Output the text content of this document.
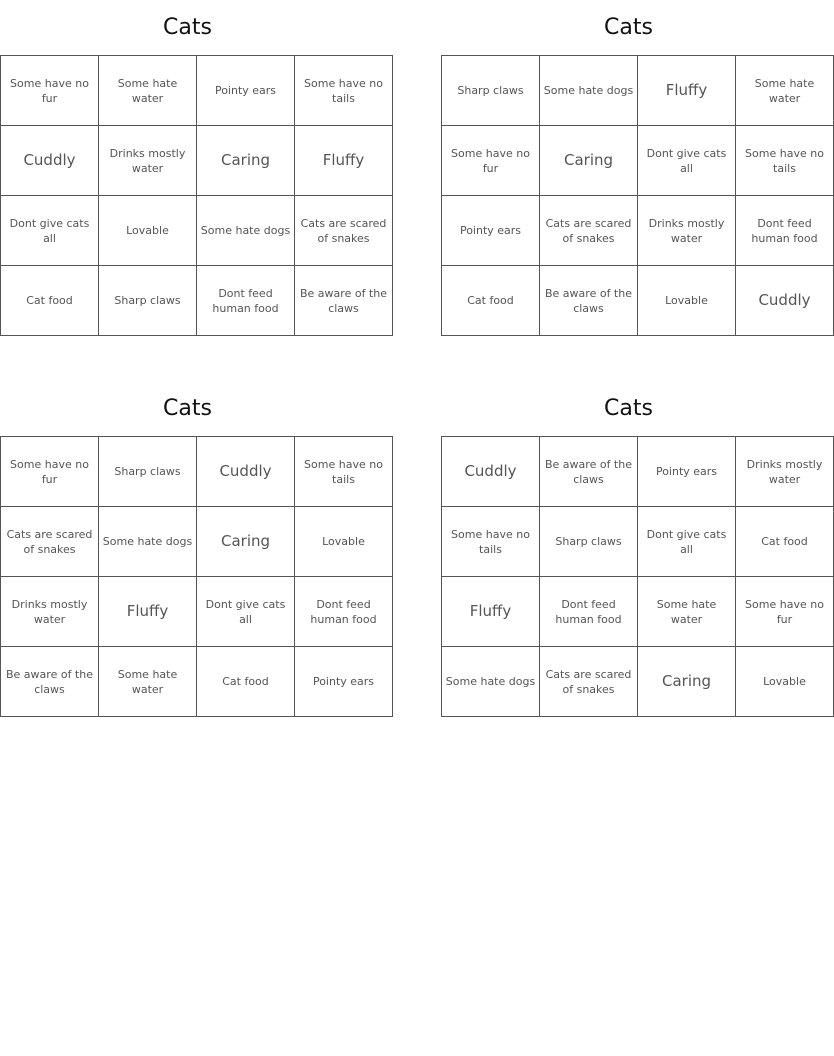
Cats
Some have no fur	Some hate water	Pointy ears	Some have no tails
Cuddly	Drinks mostly water	Caring	Fluffy
Dont give cats all	Lovable	Some hate dogs	Cats are scared of snakes
Cat food	Sharp claws	Dont feed human food	Be aware of the claws
Cats
Sharp claws	Some hate dogs	Fluffy	Some hate water
Some have no fur	Caring	Dont give cats all	Some have no tails
Pointy ears	Cats are scared of snakes	Drinks mostly water	Dont feed human food
Cat food	Be aware of the claws	Lovable	Cuddly
Cats
Some have no fur	Sharp claws	Cuddly	Some have no tails
Cats are scared of snakes	Some hate dogs	Caring	Lovable
Drinks mostly water	Fluffy	Dont give cats all	Dont feed human food
Be aware of the claws	Some hate water	Cat food	Pointy ears
Cats
Cuddly	Be aware of the claws	Pointy ears	Drinks mostly water
Some have no tails	Sharp claws	Dont give cats all	Cat food
Fluffy	Dont feed human food	Some hate water	Some have no fur
Some hate dogs	Cats are scared of snakes	Caring	Lovable
